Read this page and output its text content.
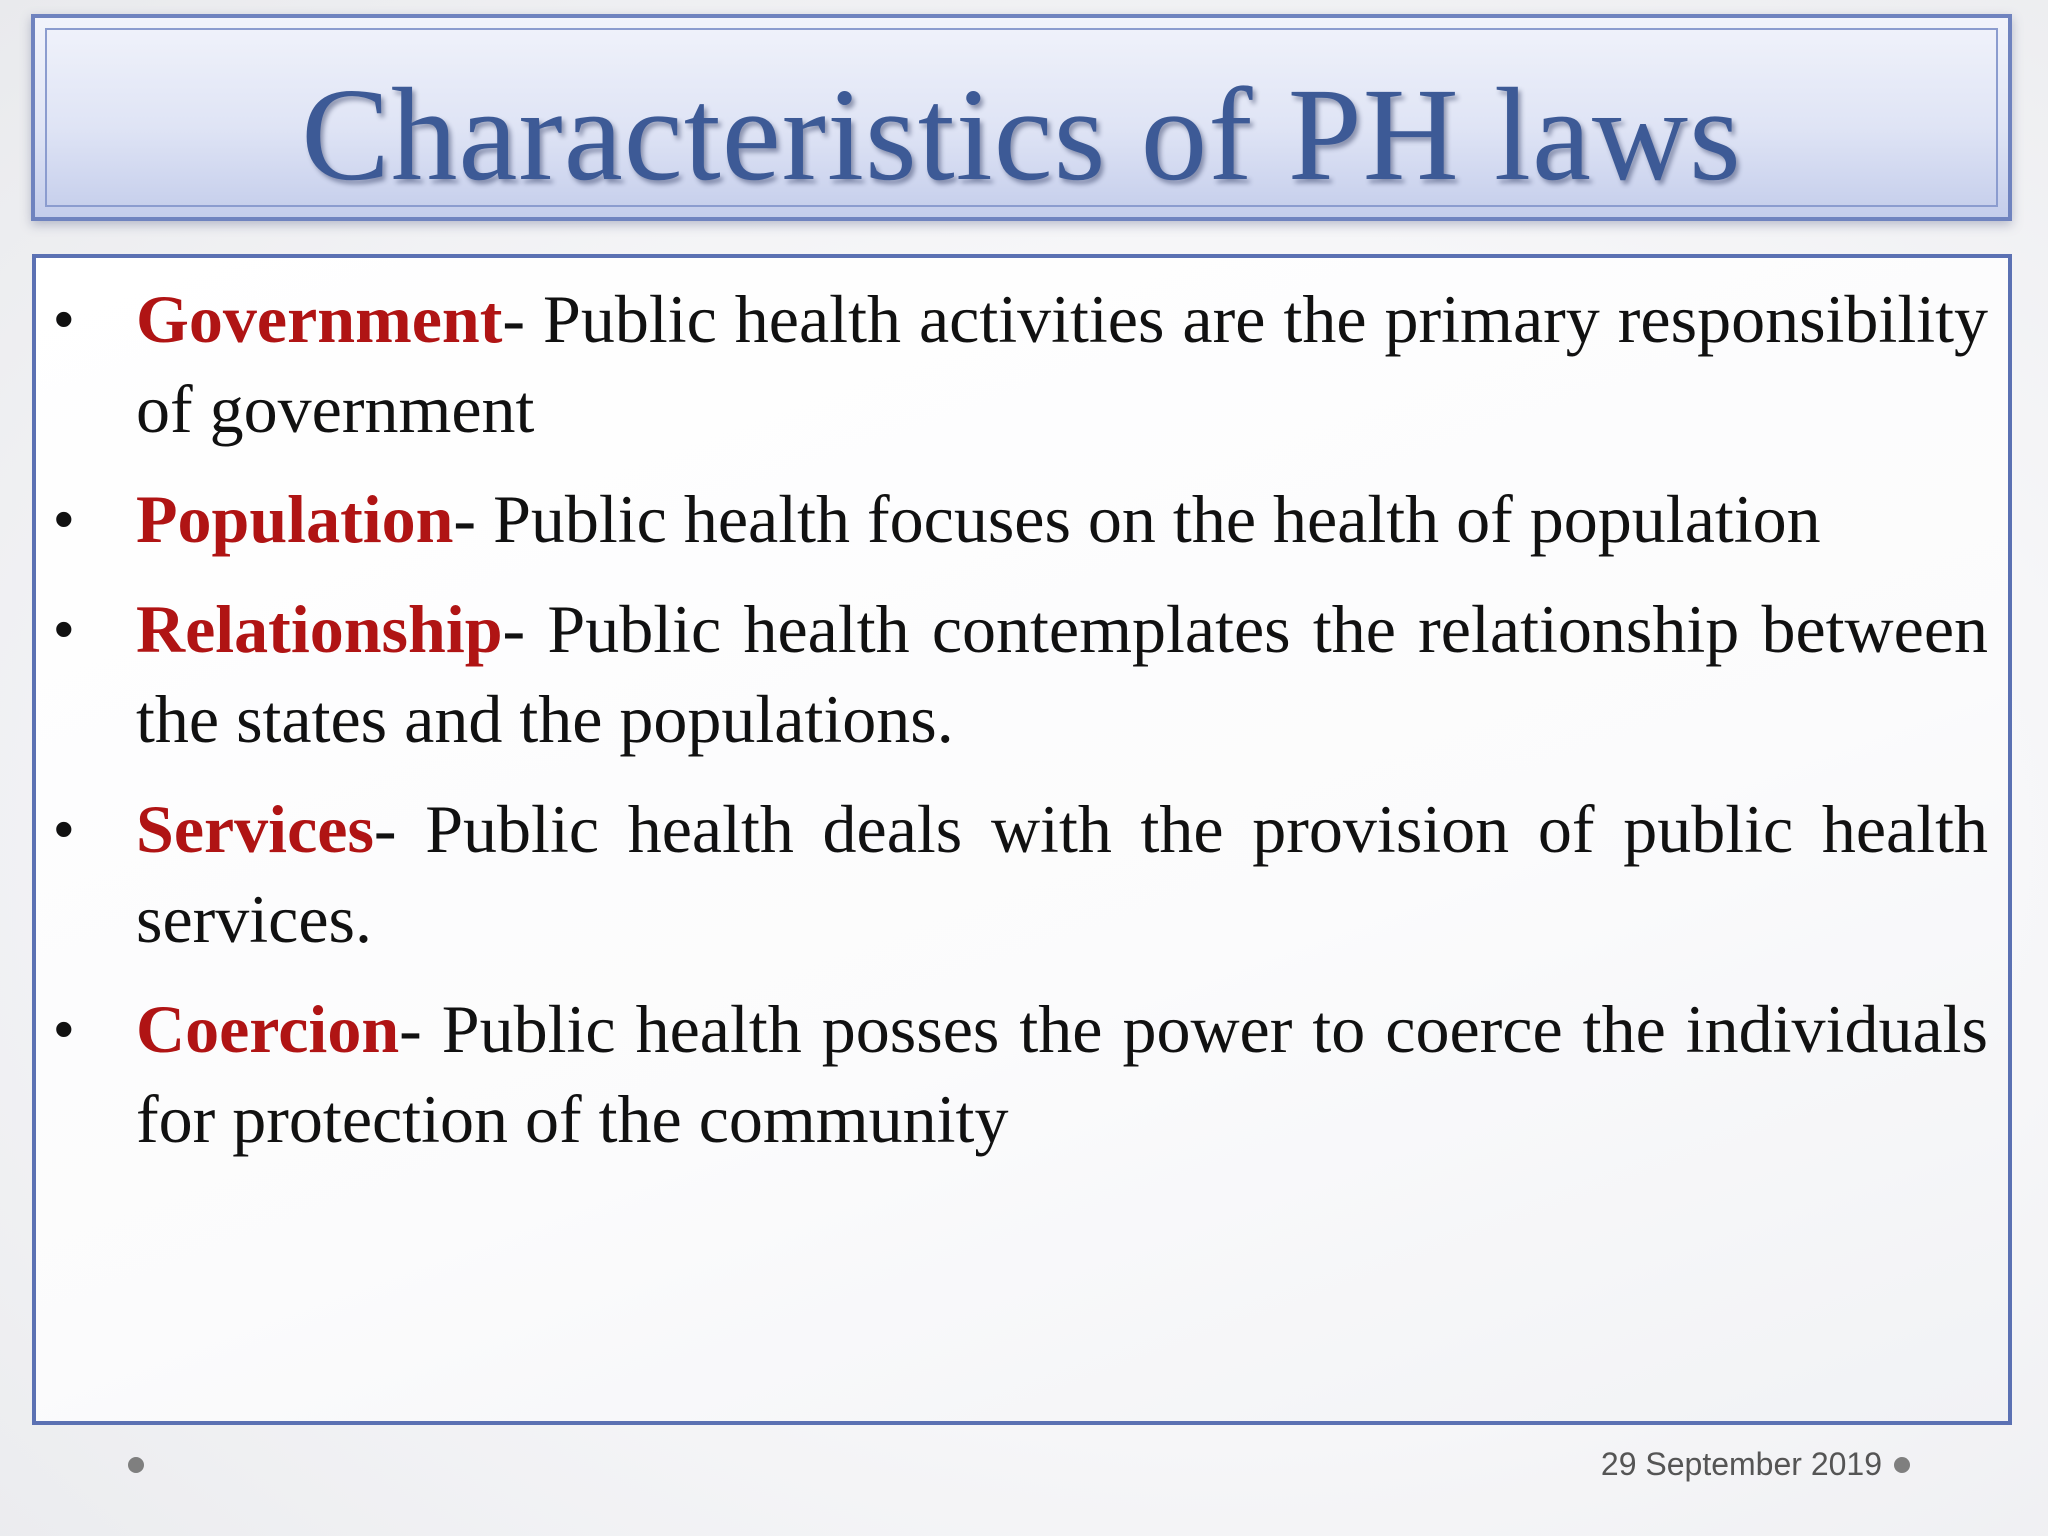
Characteristics of PH laws
• Government- Public health activities are the primary responsibility of government
• Population- Public health focuses on the health of population
• Relationship- Public health contemplates the relationship between the states and the populations.
• Services- Public health deals with the provision of public health services.
• Coercion- Public health posses the power to coerce the individuals for protection of the community
29 September 2019
